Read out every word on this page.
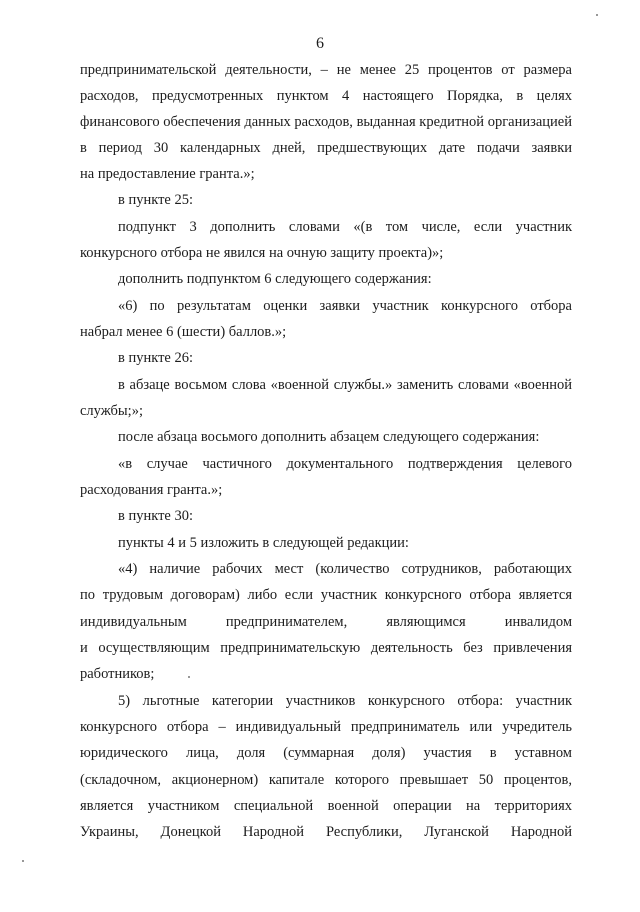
6
предпринимательской деятельности, – не менее 25 процентов от размера
расходов, предусмотренных пунктом 4 настоящего Порядка, в целях
финансового обеспечения данных расходов, выданная кредитной организацией
в период 30 календарных дней, предшествующих дате подачи заявки
на предоставление гранта.»;
в пункте 25:
подпункт 3 дополнить словами «(в том числе, если участник
конкурсного отбора не явился на очную защиту проекта)»;
дополнить подпунктом 6 следующего содержания:
«6) по результатам оценки заявки участник конкурсного отбора
набрал менее 6 (шести) баллов.»;
в пункте 26:
в абзаце восьмом слова «военной службы.» заменить словами «военной
службы;»;
после абзаца восьмого дополнить абзацем следующего содержания:
«в случае частичного документального подтверждения целевого
расходования гранта.»;
в пункте 30:
пункты 4 и 5 изложить в следующей редакции:
«4) наличие рабочих мест (количество сотрудников, работающих
по трудовым договорам) либо если участник конкурсного отбора является
индивидуальным предпринимателем, являющимся инвалидом
и осуществляющим предпринимательскую деятельность без привлечения
работников;
5) льготные категории участников конкурсного отбора: участник
конкурсного отбора – индивидуальный предприниматель или учредитель
юридического лица, доля (суммарная доля) участия в уставном
(складочном, акционерном) капитале которого превышает 50 процентов,
является участником специальной военной операции на территориях
Украины, Донецкой Народной Республики, Луганской Народной
